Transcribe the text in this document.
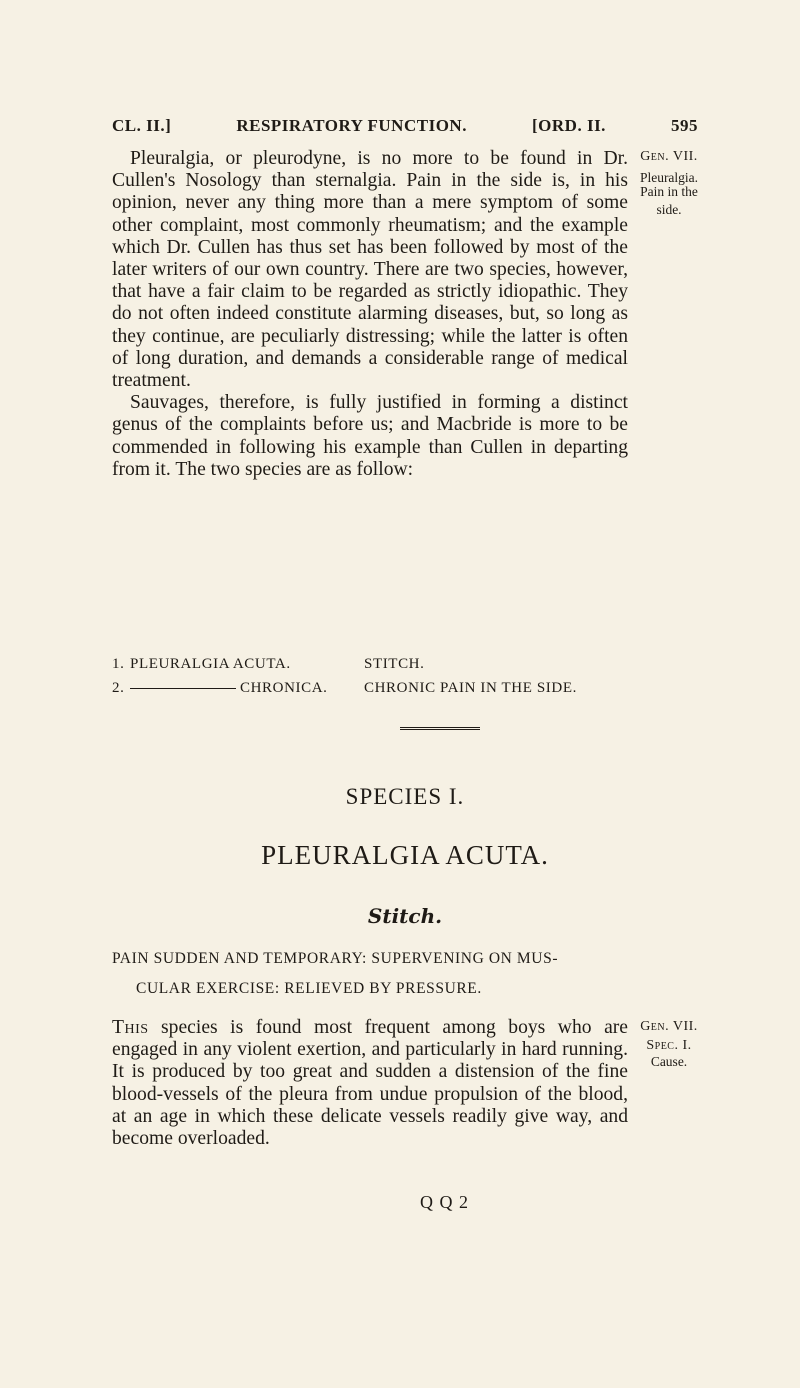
CL. II.]	RESPIRATORY FUNCTION.	[ORD. II.	595

Pleuralgia, or pleurodyne, is no more to be found in Dr. Cullen's Nosology than sternalgia. Pain in the side is, in his opinion, never any thing more than a mere symptom of some other complaint, most commonly rheumatism; and the example which Dr. Cullen has thus set has been followed by most of the later writers of our own country. There are two species, however, that have a fair claim to be regarded as strictly idiopathic. They do not often indeed constitute alarming diseases, but, so long as they continue, are peculiarly distressing; while the latter is often of long duration, and demands a considerable range of medical treatment.

Sauvages, therefore, is fully justified in forming a distinct genus of the complaints before us; and Macbride is more to be commended in following his example than Cullen in departing from it. The two species are as follow:

Gen. VII.
Pleuralgia.
Pain in the
side.
1. PLEURALGIA ACUTA.	STITCH.
2.	CHRONICA.	CHRONIC PAIN IN THE SIDE.
SPECIES I.
PLEURALGIA ACUTA.
Stitch.
PAIN SUDDEN AND TEMPORARY: SUPERVENING ON MUS-
CULAR EXERCISE: RELIEVED BY PRESSURE.

This species is found most frequent among boys who are engaged in any violent exertion, and particularly in hard running. It is produced by too great and sudden a distension of the fine blood-vessels of the pleura from undue propulsion of the blood, at an age in which these delicate vessels readily give way, and become overloaded.

Gen. VII.
Spec. I.
Cause.
Q Q 2
